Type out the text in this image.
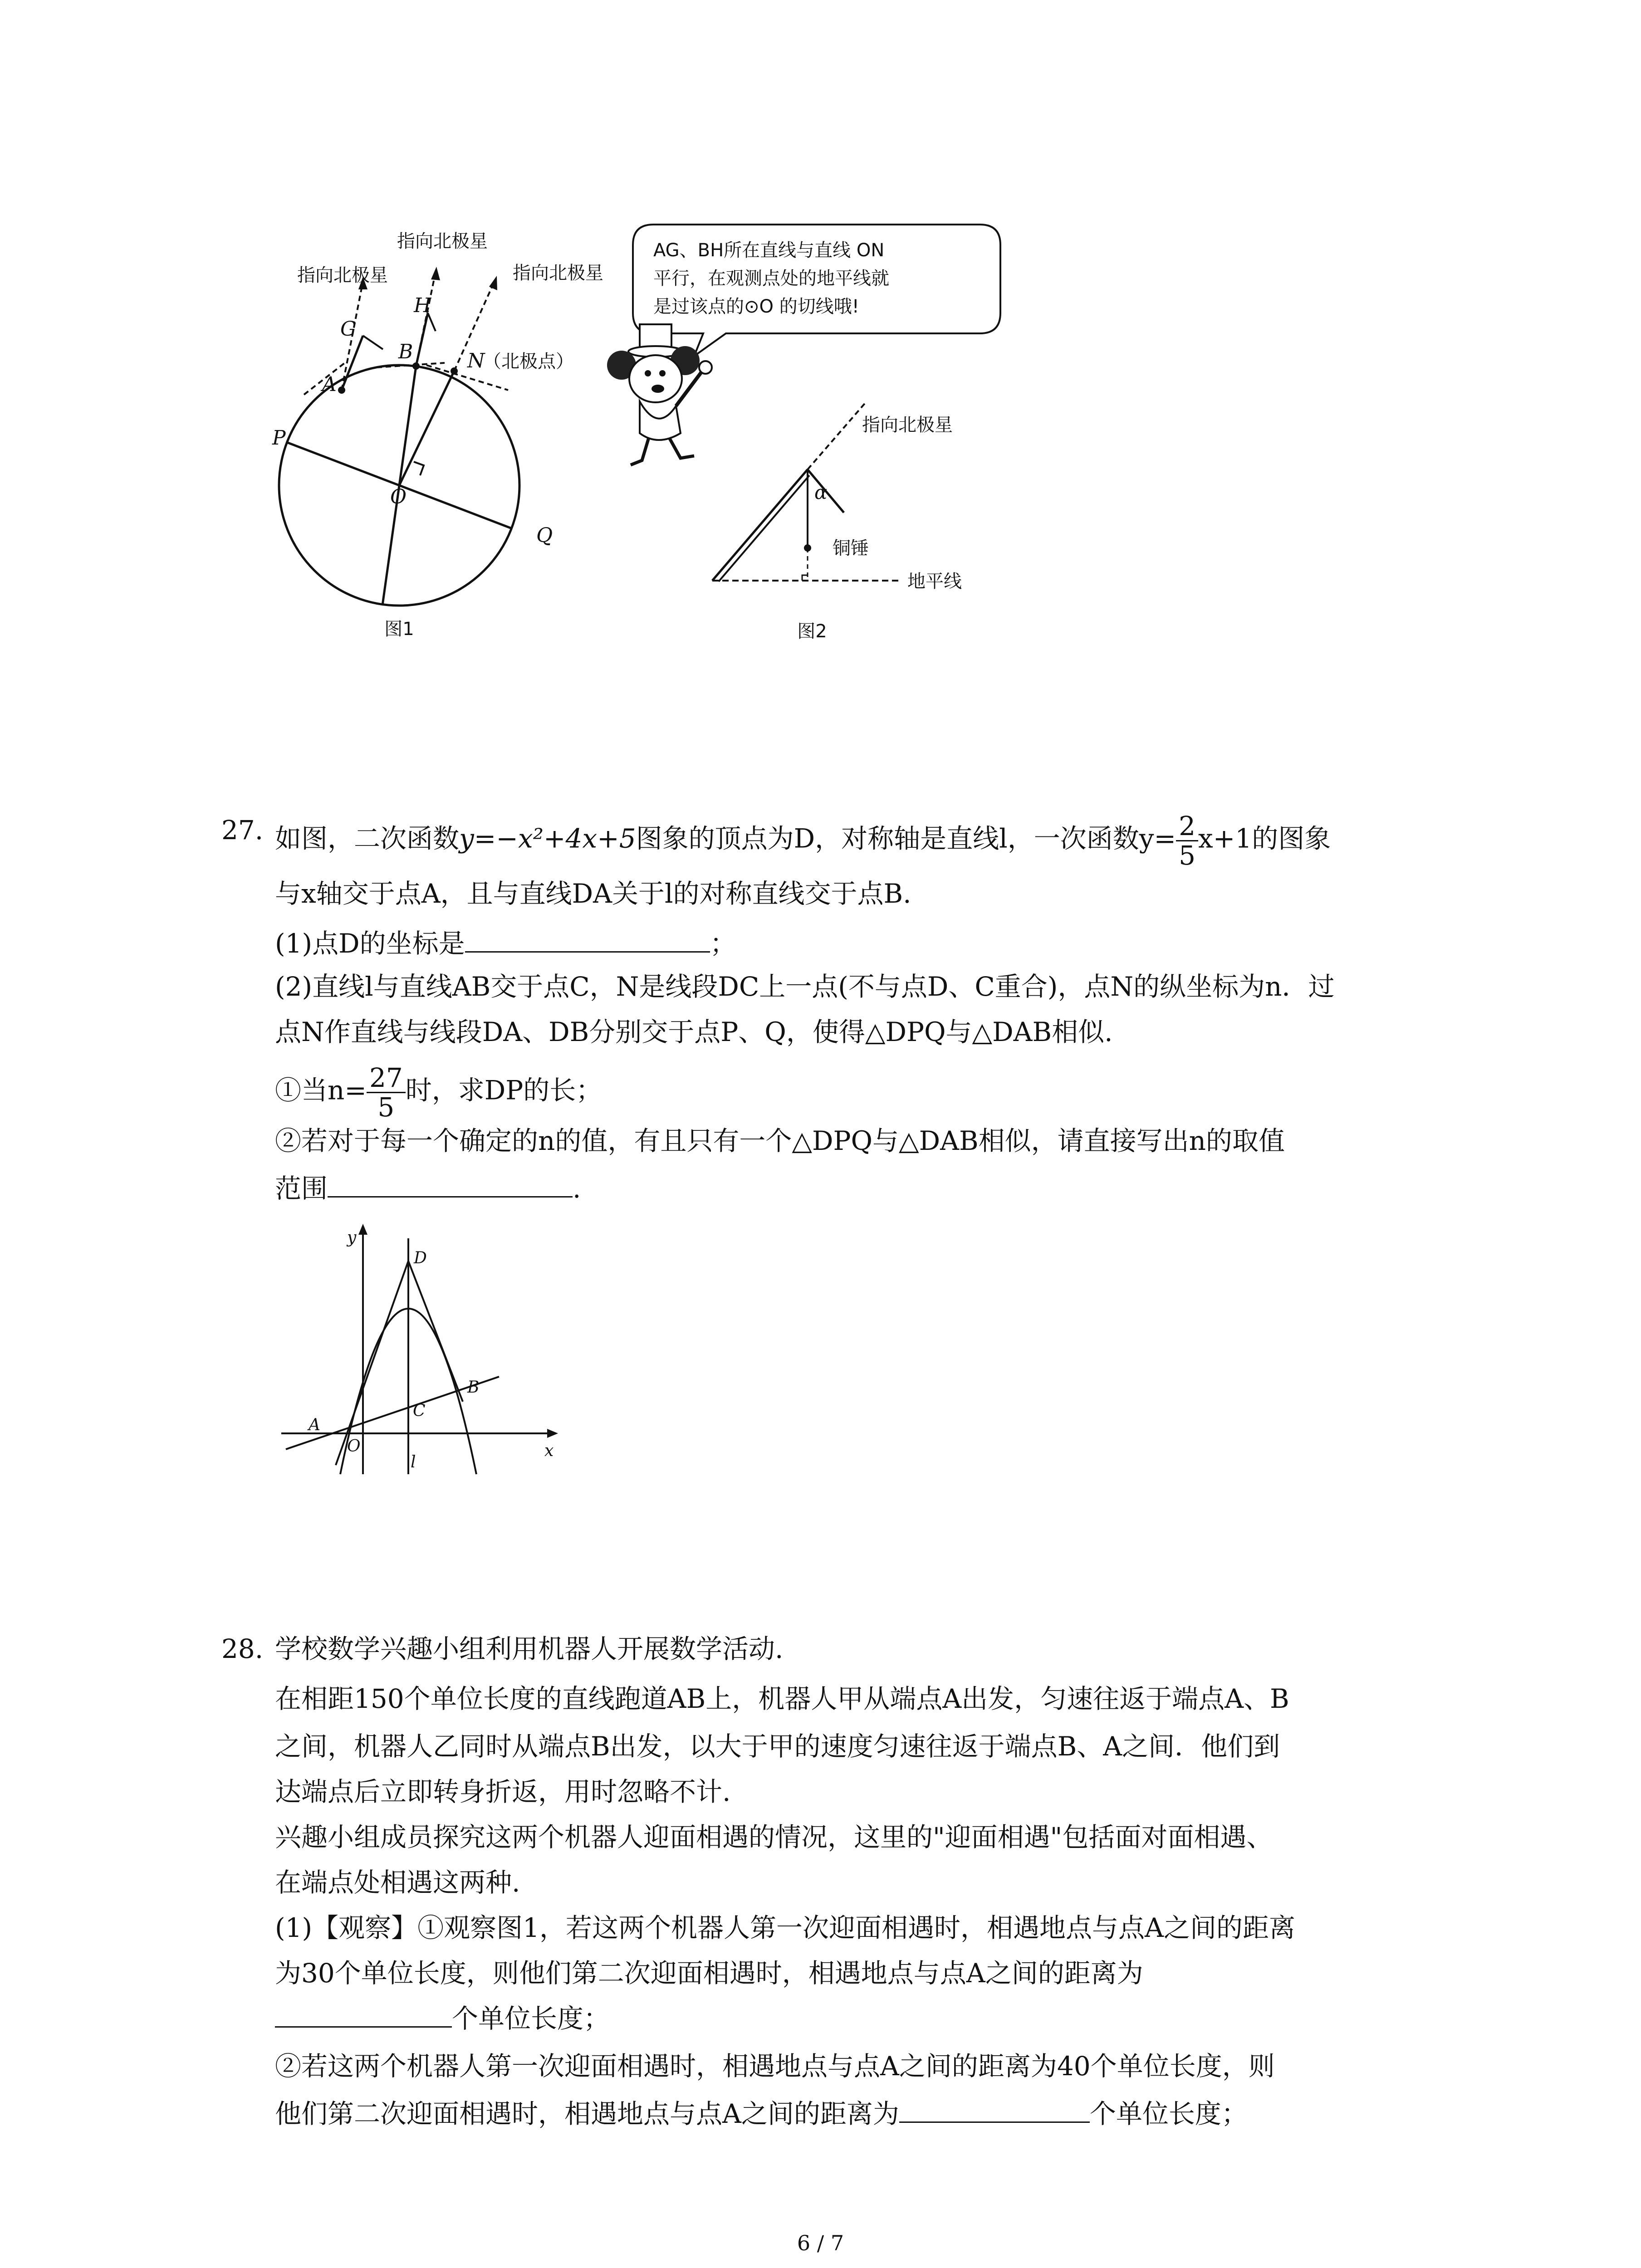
指向北极星
指向北极星
指向北极星
G
H
B
A
N
（北极点）
P
O
Q
图1
AG、BH所在直线与直线 ON
平行，在观测点处的地平线就
是过该点的⊙O 的切线哦!
指向北极星
α
铜锤
地平线
图2
27. 如图，二次函数y=−x²+4x+5图象的顶点为D，对称轴是直线l，一次函数$y= \frac{2}{5} x+1$的图象
与x轴交于点A，且与直线DA关于l的对称直线交于点B.
(1)点D的坐标是	；
(2)直线l与直线AB交于点C，N是线段DC上一点(不与点D、C重合)，点N的纵坐标为n．过
点N作直线与线段DA、DB分别交于点P、Q，使得△DPQ与△DAB相似.
①当$n= \frac{27}{5}$ 时，求DP的长；
②若对于每一个确定的n的值，有且只有一个△DPQ与△DAB相似，请直接写出n的取值
范围	.
y
x
D
A
O
C
B
l
28. 学校数学兴趣小组利用机器人开展数学活动.
在相距150个单位长度的直线跑道AB上，机器人甲从端点A出发，匀速往返于端点A、B
之间，机器人乙同时从端点B出发，以大于甲的速度匀速往返于端点B、A之间．他们到
达端点后立即转身折返，用时忽略不计.
兴趣小组成员探究这两个机器人迎面相遇的情况，这里的"迎面相遇"包括面对面相遇、
在端点处相遇这两种.
(1)【观察】①观察图1，若这两个机器人第一次迎面相遇时，相遇地点与点A之间的距离
为30个单位长度，则他们第二次迎面相遇时，相遇地点与点A之间的距离为
个单位长度；
②若这两个机器人第一次迎面相遇时，相遇地点与点A之间的距离为40个单位长度，则
他们第二次迎面相遇时，相遇地点与点A之间的距离为	个单位长度；
6 / 7
